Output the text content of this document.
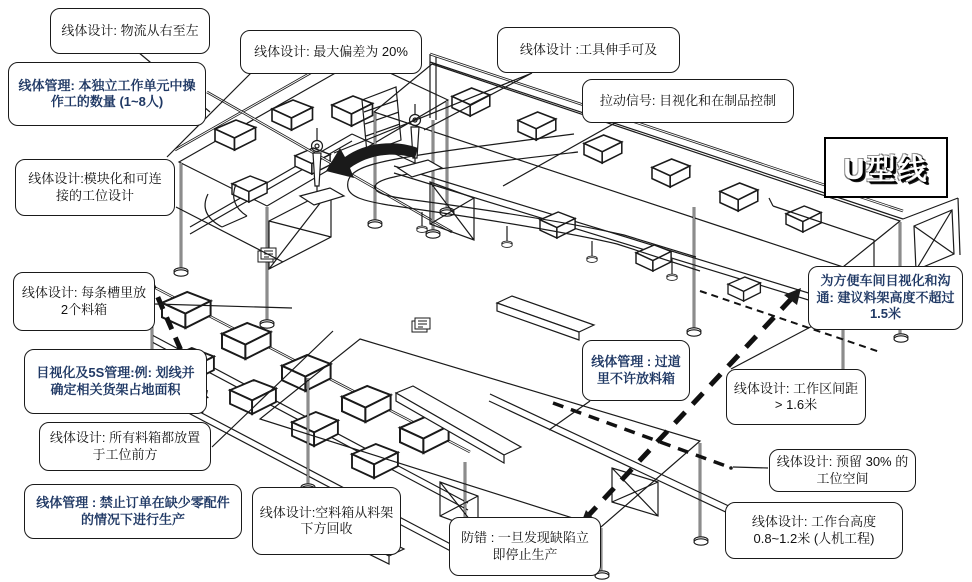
线体设计: 物流从右至左
线体管理: 本独立工作单元中操作工的数量 (1~8人)
线体设计: 最大偏差为 20%	线体设计 :工具伸手可及
拉动信号: 目视化和在制品控制
线体设计:模块化和可连接的工位设计
线体设计: 每条槽里放2个料箱
目视化及5S管理:例: 划线并确定相关货架占地面积
线体设计: 所有料箱都放置于工位前方
线体管理 : 禁止订单在缺少零配件的情况下进行生产	线体设计:空料箱从料架下方回收
防错 : 一旦发现缺陷立即停止生产
线体管理 : 过道里不许放料箱
为方便车间目视化和沟通: 建议料架高度不超过1.5米
线体设计: 工作区间距 > 1.6米
线体设计: 预留 30% 的工位空间
线体设计: 工作台高度 0.8~1.2米 (人机工程)
U型线
